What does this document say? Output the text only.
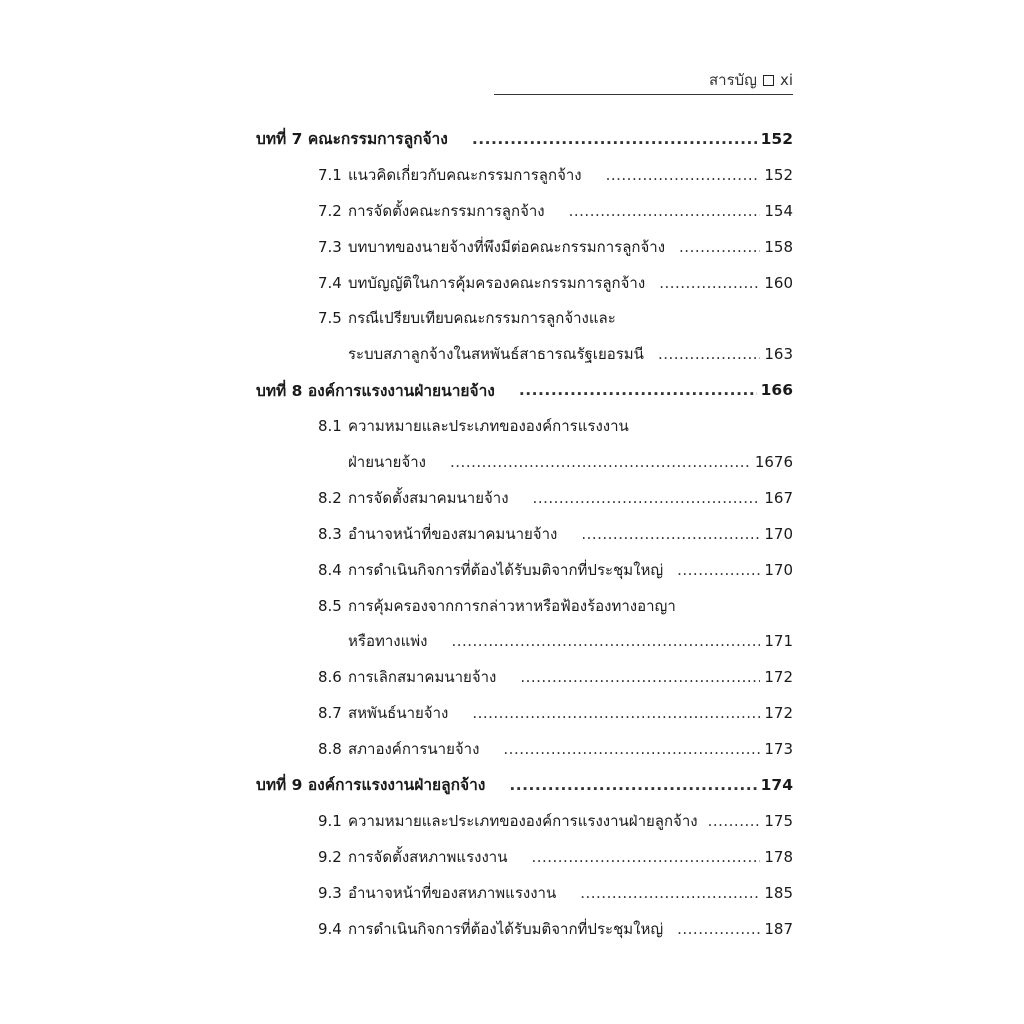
สารบัญ xi
บทที่ 7 คณะกรรมการลูกจ้าง .....	152
7.1 แนวคิดเกี่ยวกับคณะกรรมการลูกจ้าง .....	152
7.2 การจัดตั้งคณะกรรมการลูกจ้าง .....	154
7.3 บทบาทของนายจ้างที่พึงมีต่อคณะกรรมการลูกจ้าง .....	158
7.4 บทบัญญัติในการคุ้มครองคณะกรรมการลูกจ้าง .....	160
7.5 กรณีเปรียบเทียบคณะกรรมการลูกจ้างและ
ระบบสภาลูกจ้างในสหพันธ์สาธารณรัฐเยอรมนี .....	163
บทที่ 8 องค์การแรงงานฝ่ายนายจ้าง .....	166
8.1 ความหมายและประเภทขององค์การแรงงาน
ฝ่ายนายจ้าง .....	1676
8.2 การจัดตั้งสมาคมนายจ้าง .....	167
8.3 อำนาจหน้าที่ของสมาคมนายจ้าง .....	170
8.4 การดำเนินกิจการที่ต้องได้รับมติจากที่ประชุมใหญ่ .....	170
8.5 การคุ้มครองจากการกล่าวหาหรือฟ้องร้องทางอาญา
หรือทางแพ่ง .....	171
8.6 การเลิกสมาคมนายจ้าง .....	172
8.7 สหพันธ์นายจ้าง .....	172
8.8 สภาองค์การนายจ้าง .....	173
บทที่ 9 องค์การแรงงานฝ่ายลูกจ้าง .....	174
9.1 ความหมายและประเภทขององค์การแรงงานฝ่ายลูกจ้าง .....	175
9.2 การจัดตั้งสหภาพแรงงาน .....	178
9.3 อำนาจหน้าที่ของสหภาพแรงงาน .....	185
9.4 การดำเนินกิจการที่ต้องได้รับมติจากที่ประชุมใหญ่ .....	187
